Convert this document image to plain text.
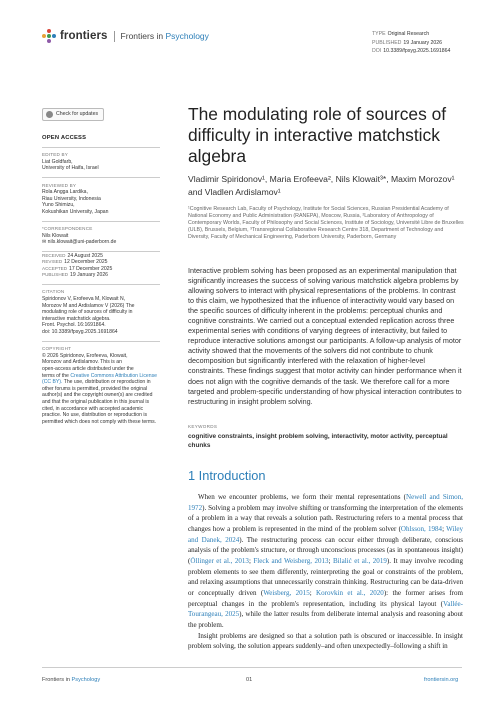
frontiers Frontiers in Psychology	TYPE Original Research
PUBLISHED 19 January 2026
DOI 10.3389/fpsyg.2025.1691864
Check for updates
OPEN ACCESS
EDITED BY
Liat Goldfarb,
University of Haifa, Israel
REVIEWED BY
Rola Angga Lardika,
Riau University, Indonesia
Yuno Shimizu,
Kokushikan University, Japan
*CORRESPONDENCE
Nils Klowait
✉ nils.klowait@uni-paderborn.de
RECEIVED 24 August 2025
REVISED 12 December 2025
ACCEPTED 17 December 2025
PUBLISHED 19 January 2026
CITATION
Spiridonov V, Erofeeva M, Klowait N,
Morozov M and Ardislamov V (2026) The
modulating role of sources of difficulty in
interactive matchstick algebra.
Front. Psychol. 16:1691864.
doi: 10.3389/fpsyg.2025.1691864
COPYRIGHT
© 2026 Spiridonov, Erofeeva, Klowait,
Morozov and Ardislamov. This is an
open-access article distributed under the
terms of the Creative Commons Attribution License (CC BY). The use, distribution or reproduction in other forums is permitted, provided the original author(s) and the copyright owner(s) are credited and that the original publication in this journal is cited, in accordance with accepted academic practice. No use, distribution or reproduction is permitted which does not comply with these terms.
The modulating role of sources of difficulty in interactive matchstick algebra
Vladimir Spiridonov¹, Maria Erofeeva², Nils Klowait³*, Maxim Morozov¹ and Vladlen Ardislamov¹
¹Cognitive Research Lab, Faculty of Psychology, Institute for Social Sciences, Russian Presidential Academy of National Economy and Public Administration (RANEPA), Moscow, Russia, ²Laboratory of Anthropology of Contemporary Worlds, Faculty of Philosophy and Social Sciences, Institute of Sociology, Université Libre de Bruxelles (ULB), Brussels, Belgium, ³Transregional Collaborative Research Centre 318, Department of Technology and Diversity, Faculty of Mechanical Engineering, Paderborn University, Paderborn, Germany
Interactive problem solving has been proposed as an experimental manipulation that significantly increases the success of solving various matchstick algebra problems by allowing solvers to interact with physical representations of the problems. In contrast to this claim, we hypothesized that the influence of interactivity would vary based on the specific sources of difficulty inherent in the problems: perceptual chunks and cognitive constraints. We carried out a conceptual extended replication across three experimental series with conditions of varying degrees of interactivity, but failed to reproduce interactive solutions amongst our participants. A follow-up analysis of motor activity showed that the movements of the solvers did not contribute to chunk decomposition but significantly interfered with the relaxation of higher-level constraints. These findings suggest that motor activity can hinder performance when it does not align with the cognitive demands of the task. We therefore call for a more targeted and problem-specific understanding of how physical interaction contributes to restructuring in insight problem solving.
KEYWORDS
cognitive constraints, insight problem solving, interactivity, motor activity, perceptual chunks
1 Introduction

When we encounter problems, we form their mental representations (Newell and Simon, 1972). Solving a problem may involve shifting or transforming the interpretation of the elements of a problem in a way that reveals a solution path. Restructuring refers to a mental process that changes how a problem is represented in the mind of the problem solver (Ohlsson, 1984; Wiley and Danek, 2024). The restructuring process can occur either through deliberate, conscious analysis of the problem's structure, or through unconscious processes (as in spontaneous insight) (Öllinger et al., 2013; Fleck and Weisberg, 2013; Bilalić et al., 2019). It may involve recoding problem elements to see them differently, reinterpreting the goal or constraints of the problem, and relaxing assumptions that unnecessarily constrain thinking. Restructuring can be data-driven or conceptually driven (Weisberg, 2015; Korovkin et al., 2020): the former arises from perceptual changes in the problem's representation, including its physical layout (Vallée-Tourangeau, 2025), while the latter results from deliberate internal analysis and reasoning about the problem.

Insight problems are designed so that a solution path is obscured or inaccessible. In insight problem solving, the solution appears suddenly–and often unexpectedly–following a shift in

Frontiers in Psychology	01	frontiersin.org
